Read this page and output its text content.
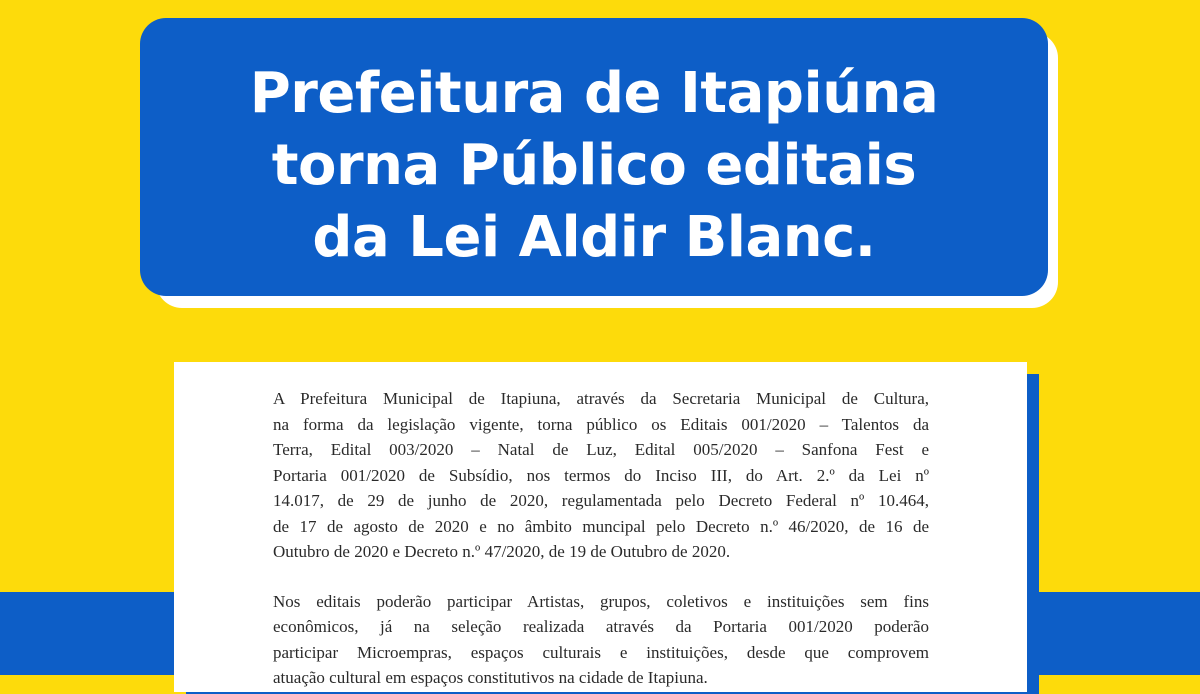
Prefeitura de Itapiúna
torna Público editais
da Lei Aldir Blanc.
A Prefeitura Municipal de Itapiuna, através da Secretaria Municipal de Cultura,
na forma da legislação vigente, torna público os Editais 001/2020 – Talentos da
Terra, Edital 003/2020 – Natal de Luz, Edital 005/2020 – Sanfona Fest e
Portaria 001/2020 de Subsídio, nos termos do Inciso III, do Art. 2.º da Lei nº
14.017, de 29 de junho de 2020, regulamentada pelo Decreto Federal nº 10.464,
de 17 de agosto de 2020 e no âmbito muncipal pelo Decreto n.º 46/2020, de 16 de
Outubro de 2020 e Decreto n.º 47/2020, de 19 de Outubro de 2020.
Nos editais poderão participar Artistas, grupos, coletivos e instituições sem fins
econômicos, já na seleção realizada através da Portaria 001/2020 poderão
participar Microempras, espaços culturais e instituições, desde que comprovem
atuação cultural em espaços constitutivos na cidade de Itapiuna.
